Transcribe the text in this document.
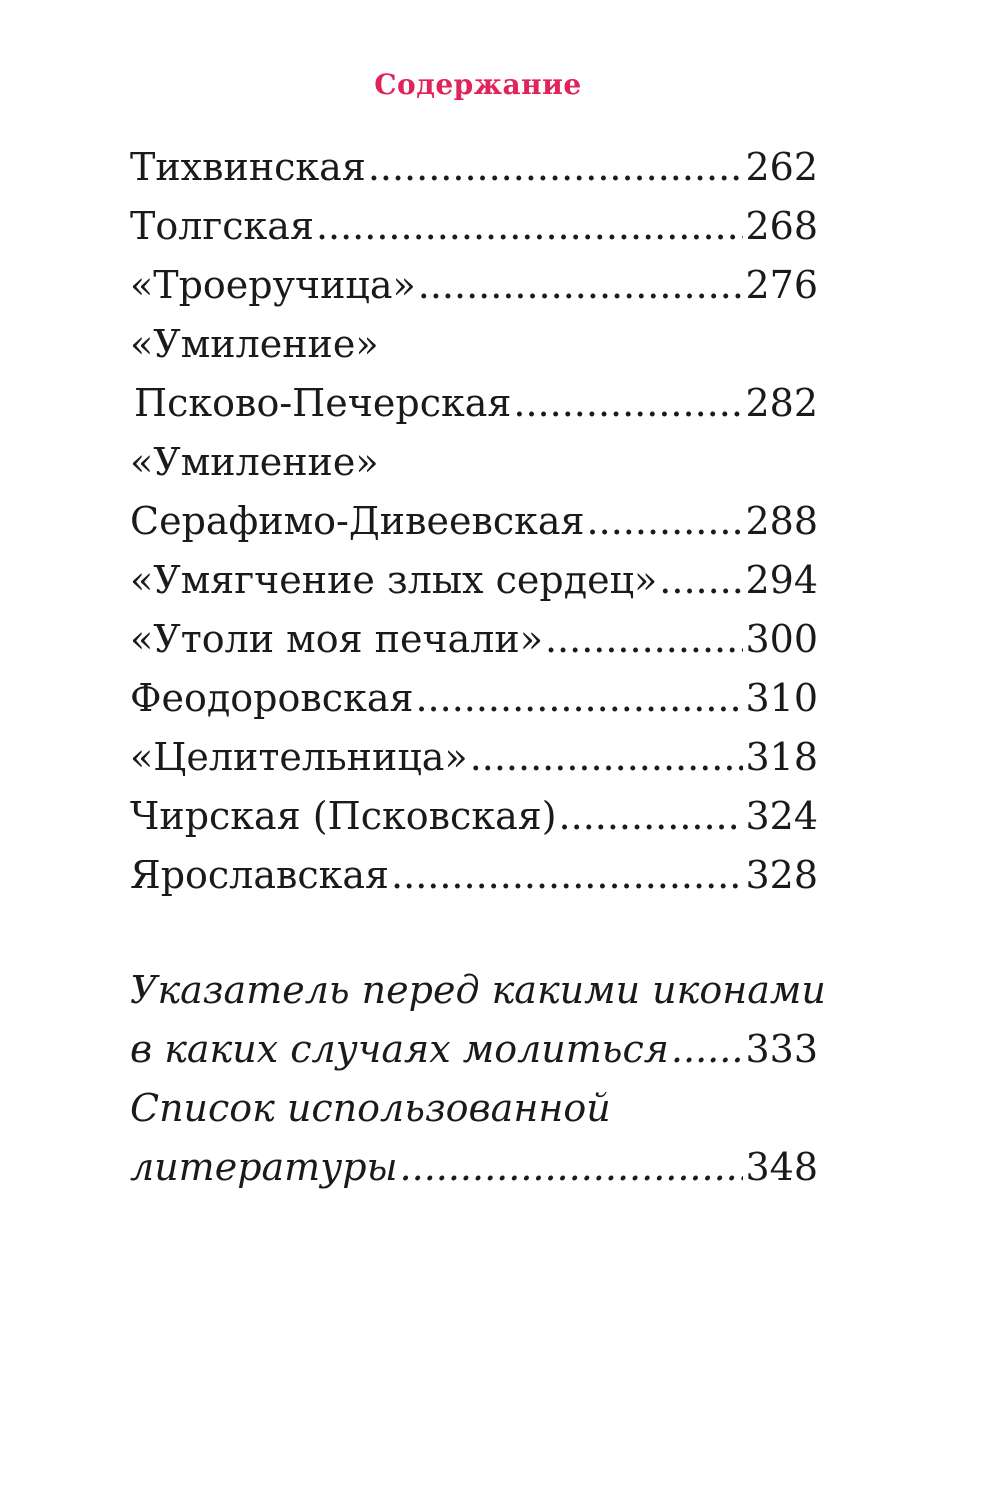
Содержание
Тихвинская .....	262
Толгская .....	268
«Троеручица» .....	276
«Умиление»
Псково-Печерская .....	282
«Умиление»
Серафимо-Дивеевская .....	288
«Умягчение злых сердец» ..... 294
«Утоли моя печали» .....	300
Феодоровская .....	310
«Целительница» .....	318
Чирская (Псковская) .....	324
Ярославская .....	328
Указатель перед какими иконами
в каких случаях молиться ..... 333
Список использованной
литературы .....	348
